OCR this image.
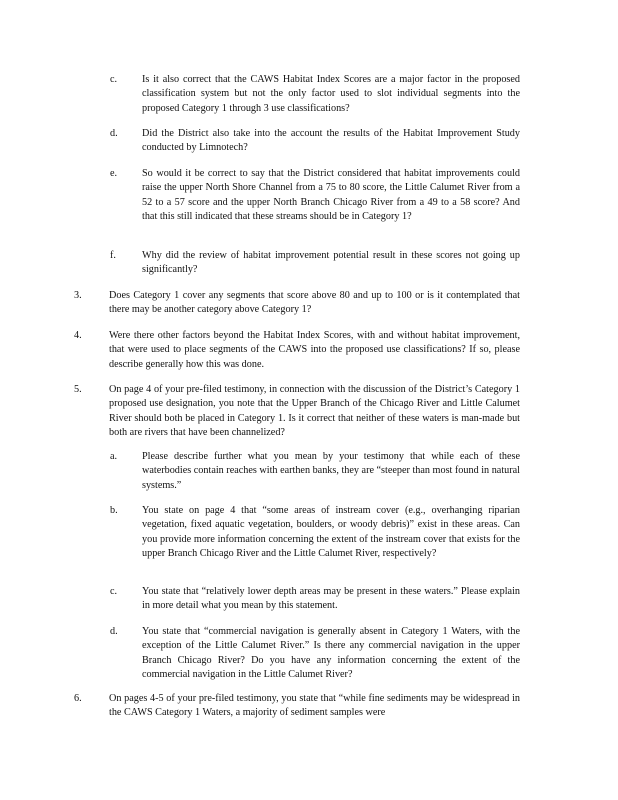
c. Is it also correct that the CAWS Habitat Index Scores are a major factor in the proposed classification system but not the only factor used to slot individual segments into the proposed Category 1 through 3 use classifications?
d. Did the District also take into the account the results of the Habitat Improvement Study conducted by Limnotech?
e. So would it be correct to say that the District considered that habitat improvements could raise the upper North Shore Channel from a 75 to 80 score, the Little Calumet River from a 52 to a 57 score and the upper North Branch Chicago River from a 49 to a 58 score? And that this still indicated that these streams should be in Category 1?
f.	Why did the review of habitat improvement potential result in these scores not going up significantly?
3.	Does Category 1 cover any segments that score above 80 and up to 100 or is it contemplated that there may be another category above Category 1?
4.	Were there other factors beyond the Habitat Index Scores, with and without habitat improvement, that were used to place segments of the CAWS into the proposed use classifications? If so, please describe generally how this was done.
5.	On page 4 of your pre-filed testimony, in connection with the discussion of the District’s Category 1 proposed use designation, you note that the Upper Branch of the Chicago River and Little Calumet River should both be placed in Category 1. Is it correct that neither of these waters is man-made but both are rivers that have been channelized?
a. Please describe further what you mean by your testimony that while each of these waterbodies contain reaches with earthen banks, they are “steeper than most found in natural systems.”
b. You state on page 4 that “some areas of instream cover (e.g., overhanging riparian vegetation, fixed aquatic vegetation, boulders, or woody debris)” exist in these areas. Can you provide more information concerning the extent of the instream cover that exists for the upper Branch Chicago River and the Little Calumet River, respectively?
c. You state that “relatively lower depth areas may be present in these waters.” Please explain in more detail what you mean by this statement.
d. You state that “commercial navigation is generally absent in Category 1 Waters, with the exception of the Little Calumet River.” Is there any commercial navigation in the upper Branch Chicago River? Do you have any information concerning the extent of the commercial navigation in the Little Calumet River?
6.	On pages 4-5 of your pre-filed testimony, you state that “while fine sediments may be widespread in the CAWS Category 1 Waters, a majority of sediment samples were
